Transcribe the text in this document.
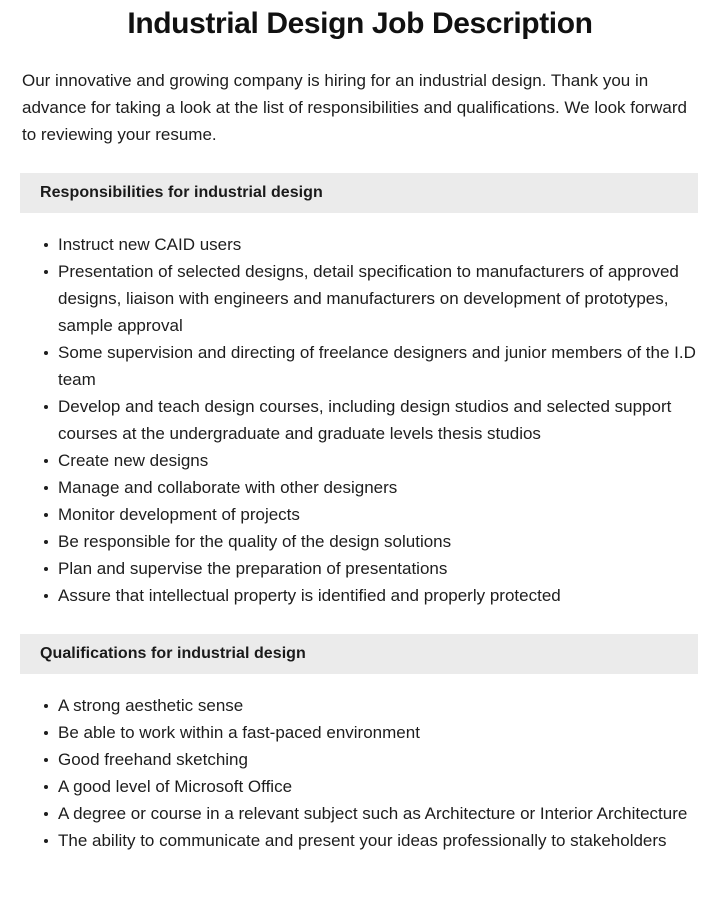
Industrial Design Job Description

Our innovative and growing company is hiring for an industrial design. Thank you in advance for taking a look at the list of responsibilities and qualifications. We look forward to reviewing your resume.

Responsibilities for industrial design
Instruct new CAID users
Presentation of selected designs, detail specification to manufacturers of approved designs, liaison with engineers and manufacturers on development of prototypes, sample approval
Some supervision and directing of freelance designers and junior members of the I.D team
Develop and teach design courses, including design studios and selected support courses at the undergraduate and graduate levels thesis studios
Create new designs
Manage and collaborate with other designers
Monitor development of projects
Be responsible for the quality of the design solutions
Plan and supervise the preparation of presentations
Assure that intellectual property is identified and properly protected
Qualifications for industrial design
A strong aesthetic sense
Be able to work within a fast-paced environment
Good freehand sketching
A good level of Microsoft Office
A degree or course in a relevant subject such as Architecture or Interior Architecture
The ability to communicate and present your ideas professionally to stakeholders
